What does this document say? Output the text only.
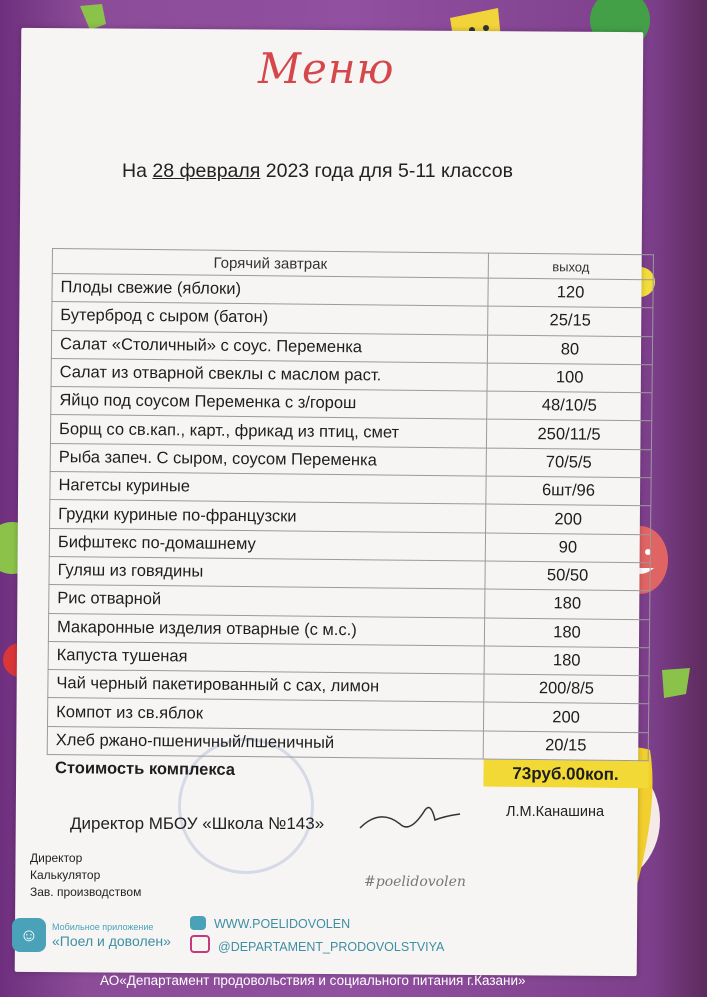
Меню
На 28 февраля 2023 года для 5-11 классов
Горячий завтрак	выход
Плоды свежие (яблоки)	120
Бутерброд с сыром (батон)	25/15
Салат «Столичный» с соус. Переменка	80
Салат из отварной свеклы с маслом раст.	100
Яйцо под соусом Переменка с з/горош	48/10/5
Борщ со св.кап., карт., фрикад из птиц, смет	250/11/5
Рыба запеч. С сыром, соусом Переменка	70/5/5
Нагетсы куриные	6шт/96
Грудки куриные по-французски	200
Бифштекс по-домашнему	90
Гуляш из говядины	50/50
Рис отварной	180
Макаронные изделия отварные (с м.с.)	180
Капуста тушеная	180
Чай черный пакетированный с сах, лимон	200/8/5
Компот из св.яблок	200
Хлеб ржано-пшеничный/пшеничный	20/15
Стоимость комплекса	73руб.00коп.
Директор МБОУ «Школа №143»
Л.М.Канашина
Директор
Калькулятор
Зав. производством
#poelidovolen
☺	Мобильное приложение
«Поел и доволен»
WWW.POELIDOVOLEN
@DEPARTAMENT_PRODOVOLSTVIYA
АО«Департамент продовольствия и социального питания г.Казани»
